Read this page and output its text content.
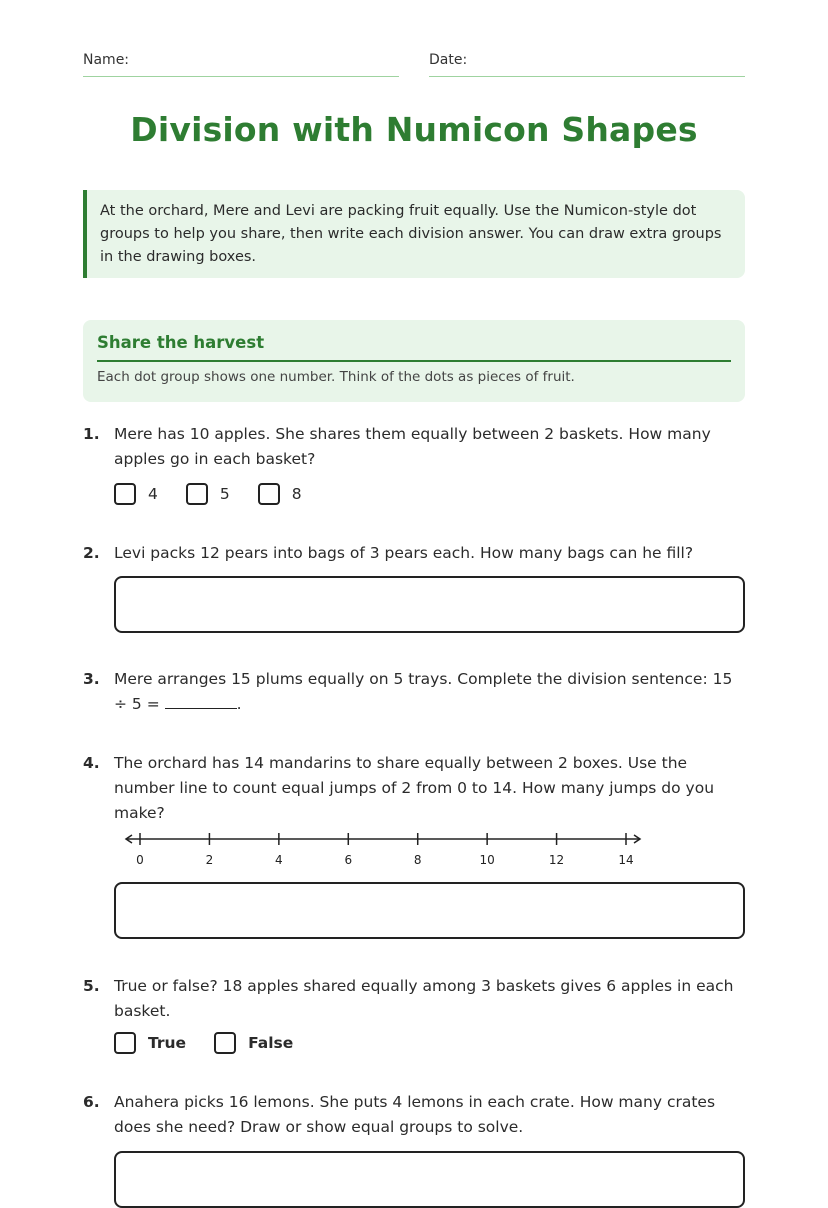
Name:	Date:
Division with Numicon Shapes
At the orchard, Mere and Levi are packing fruit equally. Use the Numicon-style dot groups to help you share, then write each division answer. You can draw extra groups in the drawing boxes.
Share the harvest
Each dot group shows one number. Think of the dots as pieces of fruit.
1. Mere has 10 apples. She shares them equally between 2 baskets. How many apples go in each basket?
4	5	8
2. Levi packs 12 pears into bags of 3 pears each. How many bags can he fill?
3. Mere arranges 15 plums equally on 5 trays. Complete the division sentence: 15 ÷ 5 =	.
4. The orchard has 14 mandarins to share equally between 2 boxes. Use the number line to count equal jumps of 2 from 0 to 14. How many jumps do you make?
0	2	4	6	8	10	12	14
5. True or false? 18 apples shared equally among 3 baskets gives 6 apples in each basket.
True	False
6. Anahera picks 16 lemons. She puts 4 lemons in each crate. How many crates does she need? Draw or show equal groups to solve.
